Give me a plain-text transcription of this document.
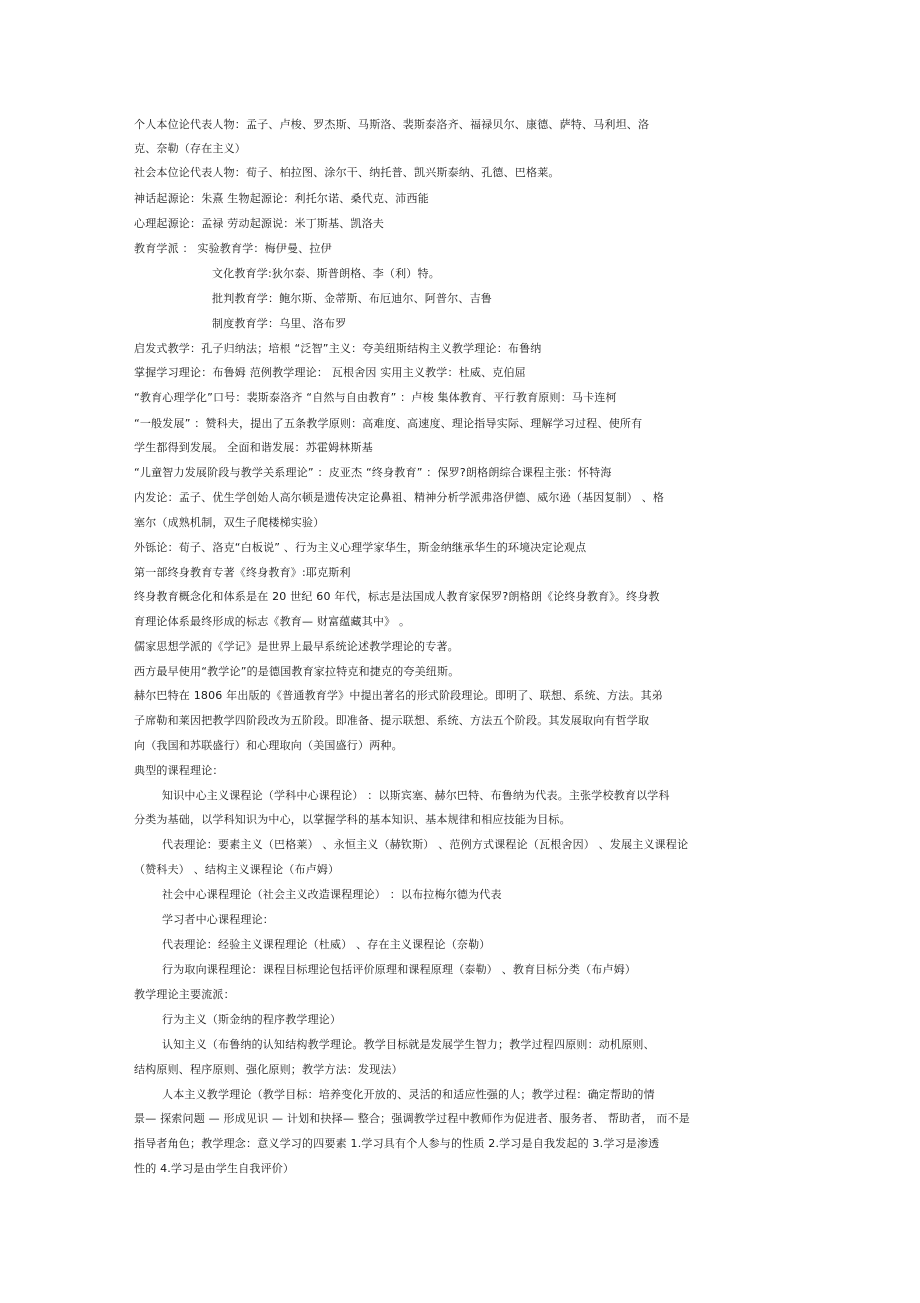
个人本位论代表人物：孟子、卢梭、罗杰斯、马斯洛、裴斯泰洛齐、福禄贝尔、康德、萨特、马利坦、洛

克、奈勒（存在主义）

社会本位论代表人物：荀子、柏拉图、涂尔干、纳托普、凯兴斯泰纳、孔德、巴格莱。

神话起源论：朱熹 生物起源论：利托尔诺、桑代克、沛西能

心理起源论：孟禄 劳动起源说：米丁斯基、凯洛夫

教育学派 ： 实验教育学：梅伊曼、拉伊

文化教育学:狄尔泰、斯普朗格、李（利）特。

批判教育学：鲍尔斯、金蒂斯、布厄迪尔、阿普尔、吉鲁

制度教育学：乌里、洛布罗

启发式教学：孔子归纳法；培根 “泛智”主义：夸美纽斯结构主义教学理论：布鲁纳

掌握学习理论：布鲁姆 范例教学理论： 瓦根舍因 实用主义教学：杜威、克伯屈

“教育心理学化”口号：裴斯泰洛齐 “自然与自由教育” ：卢梭 集体教育、平行教育原则：马卡连柯

“一般发展” ：赞科夫，提出了五条教学原则：高难度、高速度、理论指导实际、理解学习过程、使所有

学生都得到发展。 全面和谐发展：苏霍姆林斯基

“儿童智力发展阶段与教学关系理论” ：皮亚杰 “终身教育” ：保罗?朗格朗综合课程主张：怀特海

内发论：孟子、优生学创始人高尔顿是遗传决定论鼻祖、精神分析学派弗洛伊德、威尔逊（基因复制） 、格

塞尔（成熟机制，双生子爬楼梯实验）

外铄论：荀子、洛克“白板说” 、行为主义心理学家华生，斯金纳继承华生的环境决定论观点

第一部终身教育专著《终身教育》:耶克斯利

终身教育概念化和体系是在 20 世纪 60 年代，标志是法国成人教育家保罗?朗格朗《论终身教育》。终身教

育理论体系最终形成的标志《教育— 财富蕴藏其中》 。

儒家思想学派的《学记》是世界上最早系统论述教学理论的专著。

西方最早使用“教学论”的是德国教育家拉特克和捷克的夸美纽斯。

赫尔巴特在 1806 年出版的《普通教育学》中提出著名的形式阶段理论。即明了、联想、系统、方法。其弟

子席勒和莱因把教学四阶段改为五阶段。即准备、提示联想、系统、方法五个阶段。其发展取向有哲学取

向（我国和苏联盛行）和心理取向（美国盛行）两种。

典型的课程理论：

知识中心主义课程论（学科中心课程论） ：以斯宾塞、赫尔巴特、布鲁纳为代表。主张学校教育以学科

分类为基础，以学科知识为中心，以掌握学科的基本知识、基本规律和相应技能为目标。

代表理论：要素主义（巴格莱） 、永恒主义（赫钦斯） 、范例方式课程论（瓦根舍因） 、发展主义课程论

（赞科夫） 、结构主义课程论（布卢姆）

社会中心课程理论（社会主义改造课程理论） ：以布拉梅尔德为代表

学习者中心课程理论：

代表理论：经验主义课程理论（杜威） 、存在主义课程论（奈勒）

行为取向课程理论：课程目标理论包括评价原理和课程原理（泰勒） 、教育目标分类（布卢姆）

教学理论主要流派：

行为主义（斯金纳的程序教学理论）

认知主义（布鲁纳的认知结构教学理论。教学目标就是发展学生智力；教学过程四原则：动机原则、

结构原则、程序原则、强化原则；教学方法：发现法）

人本主义教学理论（教学目标：培养变化开放的、灵活的和适应性强的人；教学过程：确定帮助的情

景— 探索问题 — 形成见识 — 计划和抉择— 整合；强调教学过程中教师作为促进者、服务者、 帮助者， 而不是

指导者角色；教学理念：意义学习的四要素 1.学习具有个人参与的性质 2.学习是自我发起的 3.学习是渗透

性的 4.学习是由学生自我评价）
